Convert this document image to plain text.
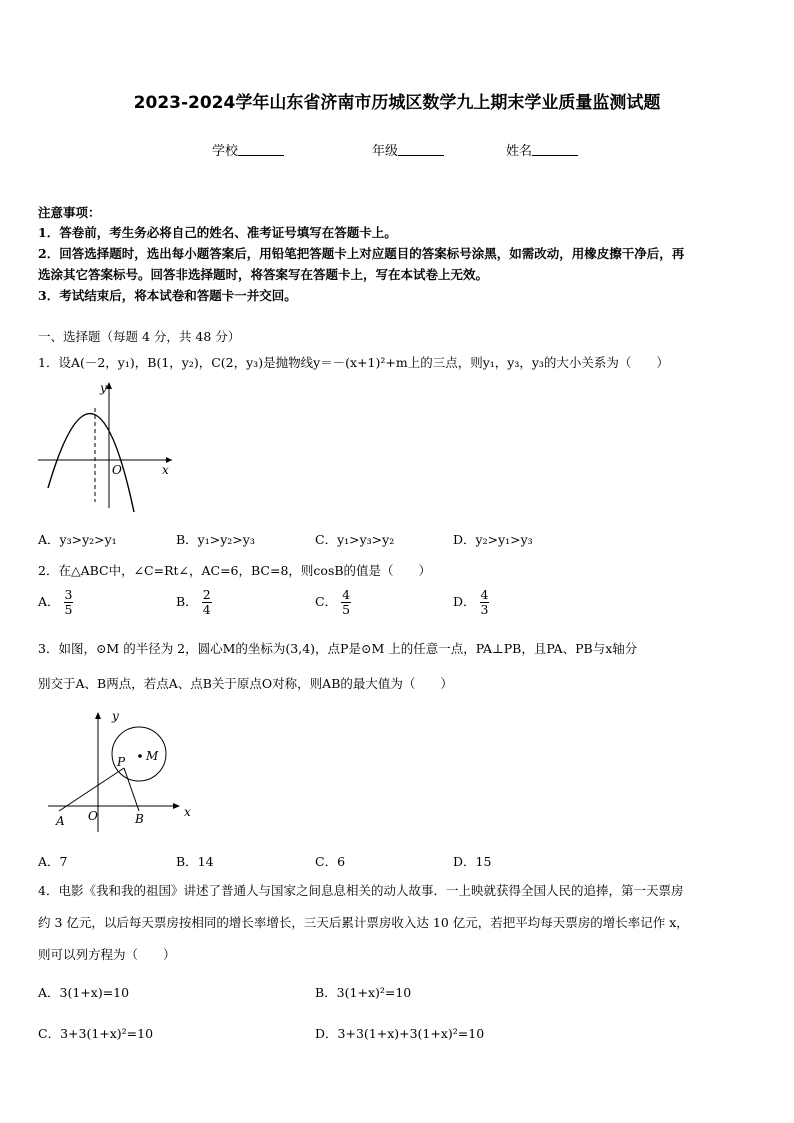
2023-2024学年山东省济南市历城区数学九上期末学业质量监测试题
学校	年级	姓名
注意事项：
1．答卷前，考生务必将自己的姓名、准考证号填写在答题卡上。
2．回答选择题时，选出每小题答案后，用铅笔把答题卡上对应题目的答案标号涂黑，如需改动，用橡皮擦干净后，再
选涂其它答案标号。回答非选择题时，将答案写在答题卡上，写在本试卷上无效。
3．考试结束后，将本试卷和答题卡一并交回。
一、选择题（每题 4 分，共 48 分）
1．设A(－2，y₁)，B(1，y₂)，C(2，y₃)是抛物线y＝－(x+1)²+m上的三点，则y₁，y₃，y₃的大小关系为（　　）
y
x
O
A．y₃>y₂>y₁	B．y₁>y₂>y₃	C．y₁>y₃>y₂	D．y₂>y₁>y₃
2．在△ABC中，∠C=Rt∠，AC=6，BC=8，则cosB的值是（　　）
A． $\frac{3}{5}$	B． $\frac{2}{4}$	C． $\frac{4}{5}$	D． $\frac{4}{3}$
3．如图，⊙M 的半径为 2，圆心M的坐标为(3,4)，点P是⊙M 上的任意一点，PA⊥PB，且PA、PB与x轴分
别交于A、B两点，若点A、点B关于原点O对称，则AB的最大值为（　　）
y
x
O
P M
A	B
A．7	B．14	C．6	D．15
4．电影《我和我的祖国》讲述了普通人与国家之间息息相关的动人故事．一上映就获得全国人民的追捧，第一天票房
约 3 亿元，以后每天票房按相同的增长率增长，三天后累计票房收入达 10 亿元，若把平均每天票房的增长率记作 x，
则可以列方程为（　　）
A．3(1+x)=10	B．3(1+x)²=10
C．3+3(1+x)²=10	D．3+3(1+x)+3(1+x)²=10
